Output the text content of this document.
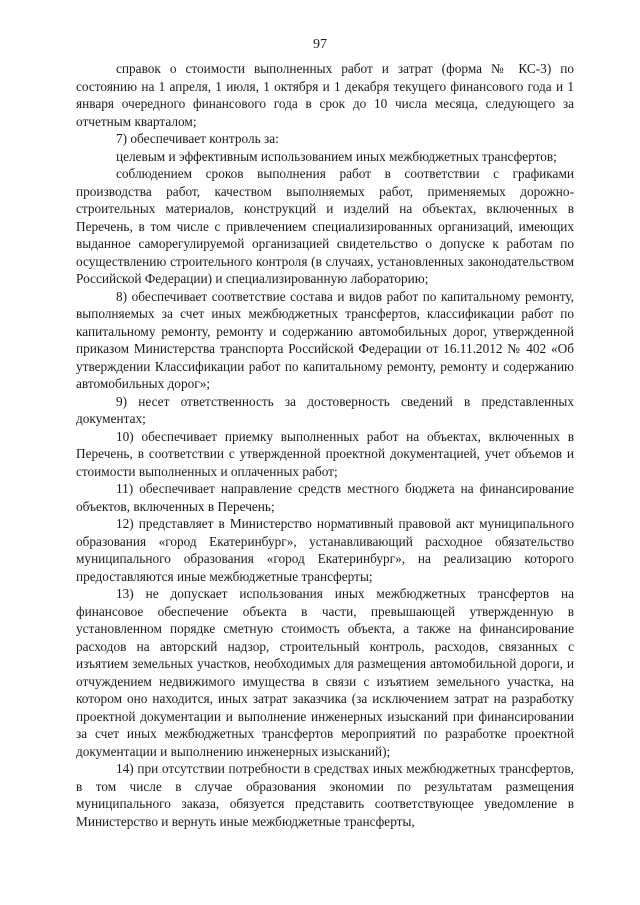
97

справок о стоимости выполненных работ и затрат (форма № КС-3) по состоянию на 1 апреля, 1 июля, 1 октября и 1 декабря текущего финансового года и 1 января очередного финансового года в срок до 10 числа месяца, следующего за отчетным кварталом;

7) обеспечивает контроль за:

целевым и эффективным использованием иных межбюджетных трансфертов;

соблюдением сроков выполнения работ в соответствии с графиками производства работ, качеством выполняемых работ, применяемых дорожно-строительных материалов, конструкций и изделий на объектах, включенных в Перечень, в том числе с привлечением специализированных организаций, имеющих выданное саморегулируемой организацией свидетельство о допуске к работам по осуществлению строительного контроля (в случаях, установленных законодательством Российской Федерации) и специализированную лабораторию;

8) обеспечивает соответствие состава и видов работ по капитальному ремонту, выполняемых за счет иных межбюджетных трансфертов, классификации работ по капитальному ремонту, ремонту и содержанию автомобильных дорог, утвержденной приказом Министерства транспорта Российской Федерации от 16.11.2012 № 402 «Об утверждении Классификации работ по капитальному ремонту, ремонту и содержанию автомобильных дорог»;

9) несет ответственность за достоверность сведений в представленных документах;

10) обеспечивает приемку выполненных работ на объектах, включенных в Перечень, в соответствии с утвержденной проектной документацией, учет объемов и стоимости выполненных и оплаченных работ;

11) обеспечивает направление средств местного бюджета на финансирование объектов, включенных в Перечень;

12) представляет в Министерство нормативный правовой акт муниципального образования «город Екатеринбург», устанавливающий расходное обязательство муниципального образования «город Екатеринбург», на реализацию которого предоставляются иные межбюджетные трансферты;

13) не допускает использования иных межбюджетных трансфертов на финансовое обеспечение объекта в части, превышающей утвержденную в установленном порядке сметную стоимость объекта, а также на финансирование расходов на авторский надзор, строительный контроль, расходов, связанных с изъятием земельных участков, необходимых для размещения автомобильной дороги, и отчуждением недвижимого имущества в связи с изъятием земельного участка, на котором оно находится, иных затрат заказчика (за исключением затрат на разработку проектной документации и выполнение инженерных изысканий при финансировании за счет иных межбюджетных трансфертов мероприятий по разработке проектной документации и выполнению инженерных изысканий);

14) при отсутствии потребности в средствах иных межбюджетных трансфертов, в том числе в случае образования экономии по результатам размещения муниципального заказа, обязуется представить соответствующее уведомление в Министерство и вернуть иные межбюджетные трансферты,
